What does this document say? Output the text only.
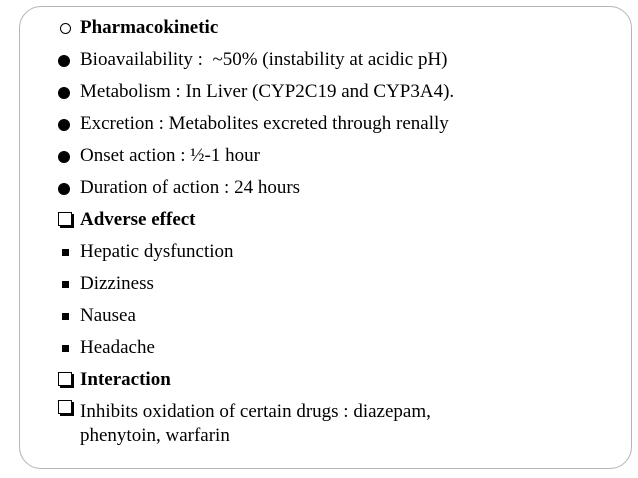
Pharmacokinetic
Bioavailability :  ~50% (instability at acidic pH)
Metabolism : In Liver (CYP2C19 and CYP3A4).
Excretion : Metabolites excreted through renally
Onset action : ½-1 hour
Duration of action : 24 hours
Adverse effect
Hepatic dysfunction
Dizziness
Nausea
Headache
Interaction
Inhibits oxidation of certain drugs : diazepam, phenytoin, warfarin
